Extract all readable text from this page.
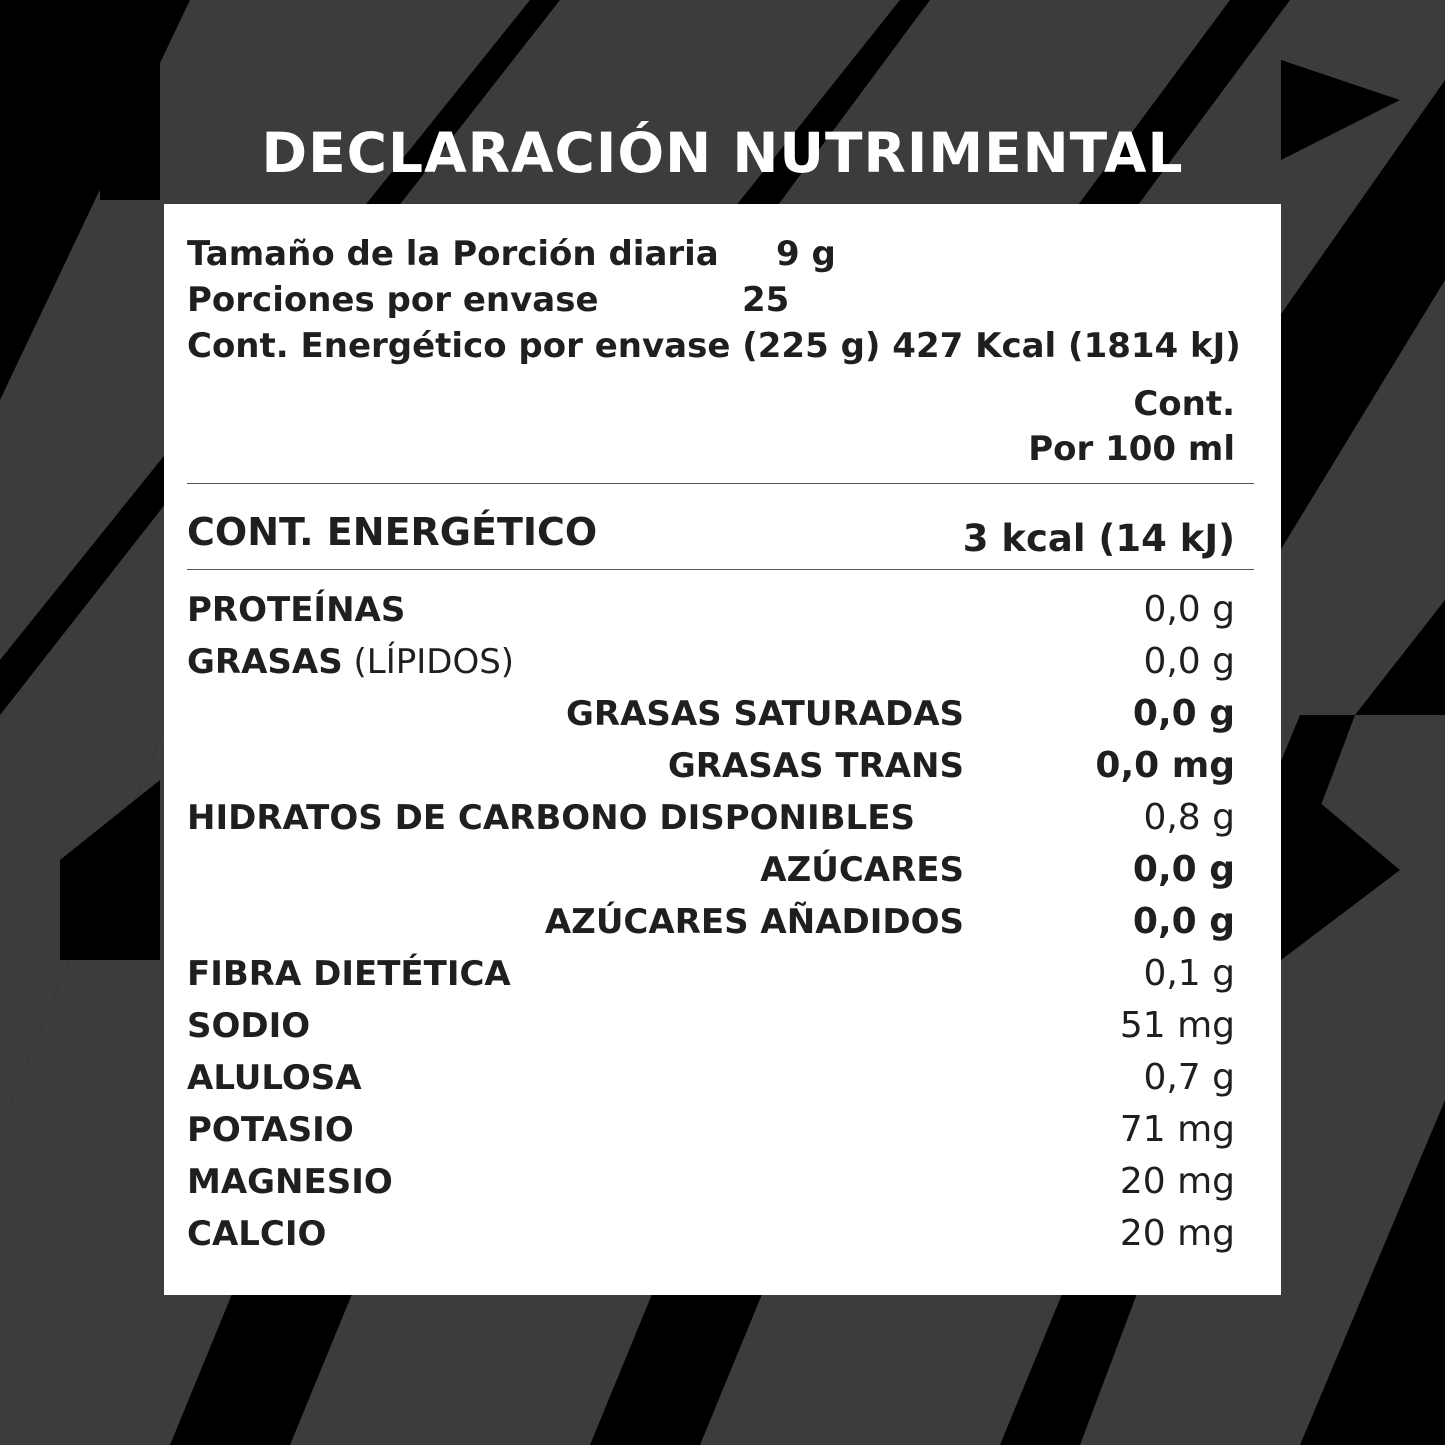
DECLARACIÓN NUTRIMENTAL
Tamaño de la Porción diaria 9 g
Porciones por envase	25
Cont. Energético por envase (225 g) 427 Kcal (1814 kJ)
Cont.
Por 100 ml
CONT. ENERGÉTICO	3 kcal (14 kJ)
PROTEÍNAS	0,0 g
GRASAS (LÍPIDOS)	0,0 g
GRASAS SATURADAS	0,0 g
GRASAS TRANS	0,0 mg
HIDRATOS DE CARBONO DISPONIBLES	0,8 g
AZÚCARES	0,0 g
AZÚCARES AÑADIDOS	0,0 g
FIBRA DIETÉTICA	0,1 g
SODIO	51 mg
ALULOSA	0,7 g
POTASIO	71 mg
MAGNESIO	20 mg
CALCIO	20 mg
